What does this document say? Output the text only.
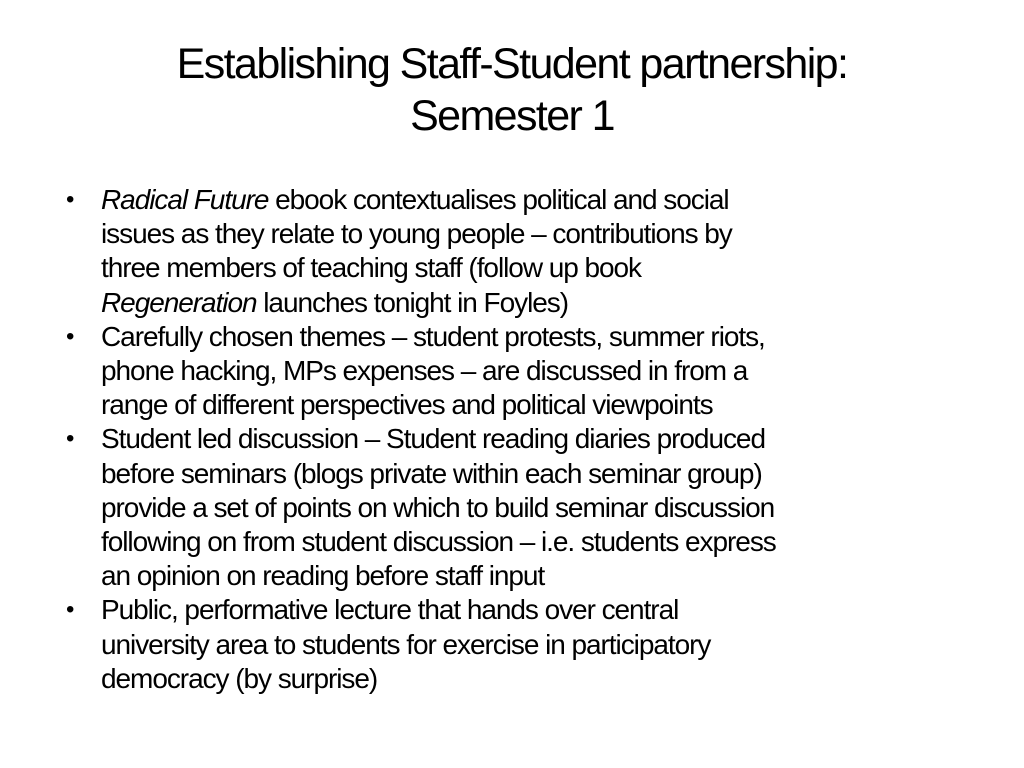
Establishing Staff-Student partnership:
Semester 1
• Radical Future ebook contextualises political and social
issues as they relate to young people – contributions by
three members of teaching staff (follow up book
Regeneration launches tonight in Foyles)
• Carefully chosen themes – student protests, summer riots,
phone hacking, MPs expenses – are discussed in from a
range of different perspectives and political viewpoints
• Student led discussion – Student reading diaries produced
before seminars (blogs private within each seminar group)
provide a set of points on which to build seminar discussion
following on from student discussion – i.e. students express
an opinion on reading before staff input
• Public, performative lecture that hands over central
university area to students for exercise in participatory
democracy (by surprise)
